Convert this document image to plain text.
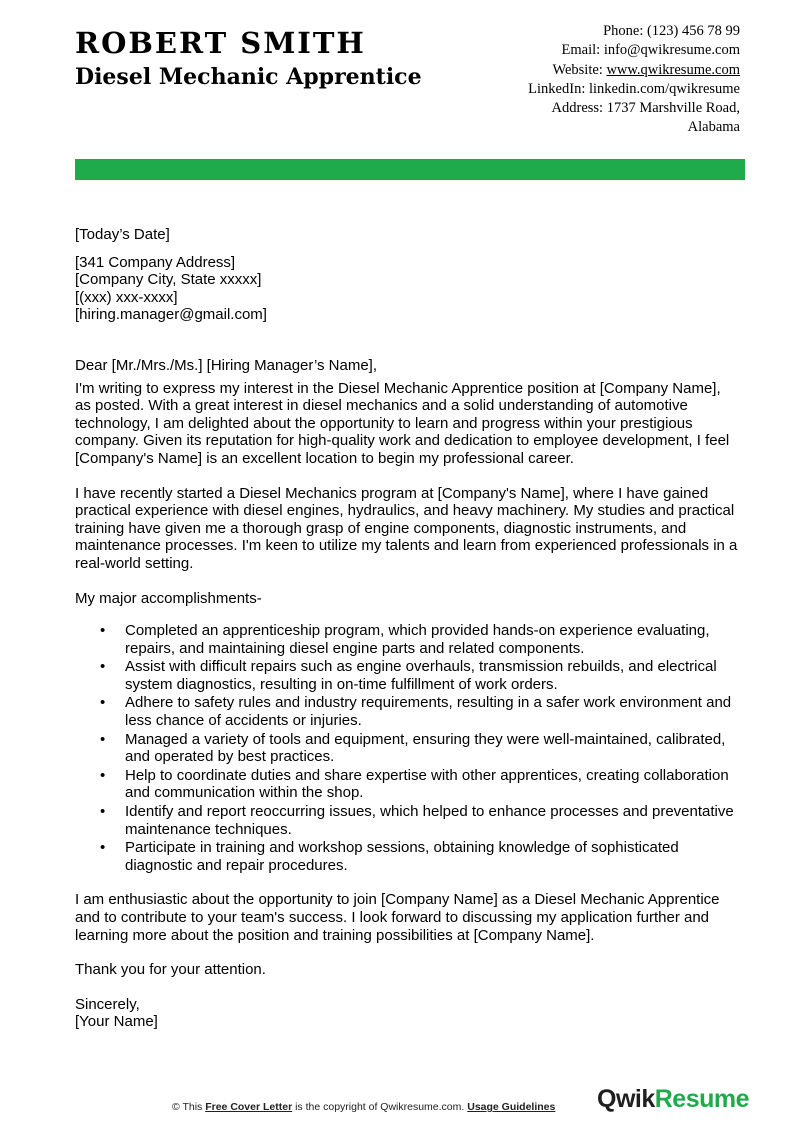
ROBERT SMITH
Diesel Mechanic Apprentice
Phone: (123) 456 78 99
Email: info@qwikresume.com
Website: www.qwikresume.com
LinkedIn: linkedin.com/qwikresume
Address: 1737 Marshville Road,
Alabama

[Today’s Date]

[341 Company Address]

[Company City, State xxxxx]

[(xxx) xxx-xxxx]

[hiring.manager@gmail.com]

Dear [Mr./Mrs./Ms.] [Hiring Manager’s Name],

I'm writing to express my interest in the Diesel Mechanic Apprentice position at [Company Name], as posted. With a great interest in diesel mechanics and a solid understanding of automotive technology, I am delighted about the opportunity to learn and progress within your prestigious company. Given its reputation for high-quality work and dedication to employee development, I feel [Company's Name] is an excellent location to begin my professional career.

I have recently started a Diesel Mechanics program at [Company's Name], where I have gained practical experience with diesel engines, hydraulics, and heavy machinery. My studies and practical training have given me a thorough grasp of engine components, diagnostic instruments, and maintenance processes. I'm keen to utilize my talents and learn from experienced professionals in a real-world setting.

My major accomplishments-

• Completed an apprenticeship program, which provided hands-on experience evaluating, repairs, and maintaining diesel engine parts and related components.
• Assist with difficult repairs such as engine overhauls, transmission rebuilds, and electrical system diagnostics, resulting in on-time fulfillment of work orders.
• Adhere to safety rules and industry requirements, resulting in a safer work environment and less chance of accidents or injuries.
• Managed a variety of tools and equipment, ensuring they were well-maintained, calibrated, and operated by best practices.
• Help to coordinate duties and share expertise with other apprentices, creating collaboration and communication within the shop.
• Identify and report reoccurring issues, which helped to enhance processes and preventative maintenance techniques.
• Participate in training and workshop sessions, obtaining knowledge of sophisticated diagnostic and repair procedures.

I am enthusiastic about the opportunity to join [Company Name] as a Diesel Mechanic Apprentice and to contribute to your team's success. I look forward to discussing my application further and learning more about the position and training possibilities at [Company Name].

Thank you for your attention.

Sincerely,

[Your Name]

© This Free Cover Letter is the copyright of Qwikresume.com. Usage Guidelines QwikResume
